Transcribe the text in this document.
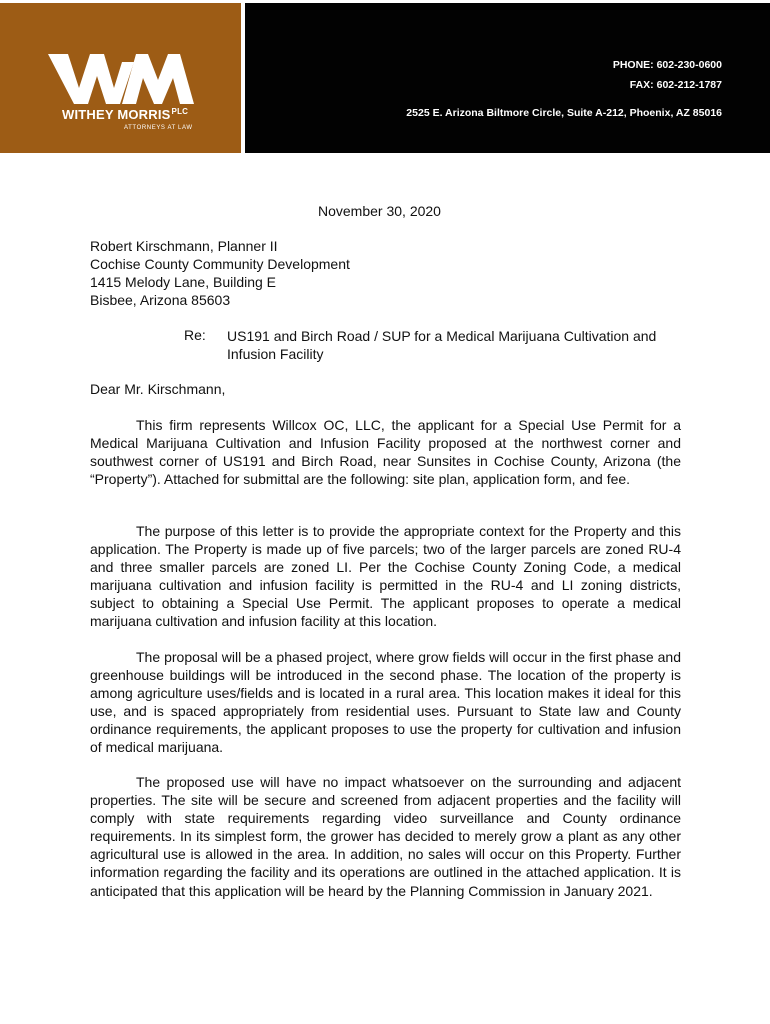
WITHEY $MORRIS^{PLC}$
ATTORNEYS AT LAW
PHONE: 602-230-0600
FAX: 602-212-1787
2525 E. Arizona Biltmore Circle, Suite A-212, Phoenix, AZ 85016
November 30, 2020
Robert Kirschmann, Planner II
Cochise County Community Development
1415 Melody Lane, Building E
Bisbee, Arizona 85603
Re: US191 and Birch Road / SUP for a Medical Marijuana Cultivation and Infusion Facility
Dear Mr. Kirschmann,

This firm represents Willcox OC, LLC, the applicant for a Special Use Permit for a Medical Marijuana Cultivation and Infusion Facility proposed at the northwest corner and southwest corner of US191 and Birch Road, near Sunsites in Cochise County, Arizona (the “Property”). Attached for submittal are the following: site plan, application form, and fee.

The purpose of this letter is to provide the appropriate context for the Property and this application. The Property is made up of five parcels; two of the larger parcels are zoned RU-4 and three smaller parcels are zoned LI. Per the Cochise County Zoning Code, a medical marijuana cultivation and infusion facility is permitted in the RU-4 and LI zoning districts, subject to obtaining a Special Use Permit. The applicant proposes to operate a medical marijuana cultivation and infusion facility at this location.

The proposal will be a phased project, where grow fields will occur in the first phase and greenhouse buildings will be introduced in the second phase. The location of the property is among agriculture uses/fields and is located in a rural area. This location makes it ideal for this use, and is spaced appropriately from residential uses. Pursuant to State law and County ordinance requirements, the applicant proposes to use the property for cultivation and infusion of medical marijuana.

The proposed use will have no impact whatsoever on the surrounding and adjacent properties. The site will be secure and screened from adjacent properties and the facility will comply with state requirements regarding video surveillance and County ordinance requirements. In its simplest form, the grower has decided to merely grow a plant as any other agricultural use is allowed in the area. In addition, no sales will occur on this Property. Further information regarding the facility and its operations are outlined in the attached application. It is anticipated that this application will be heard by the Planning Commission in January 2021.
